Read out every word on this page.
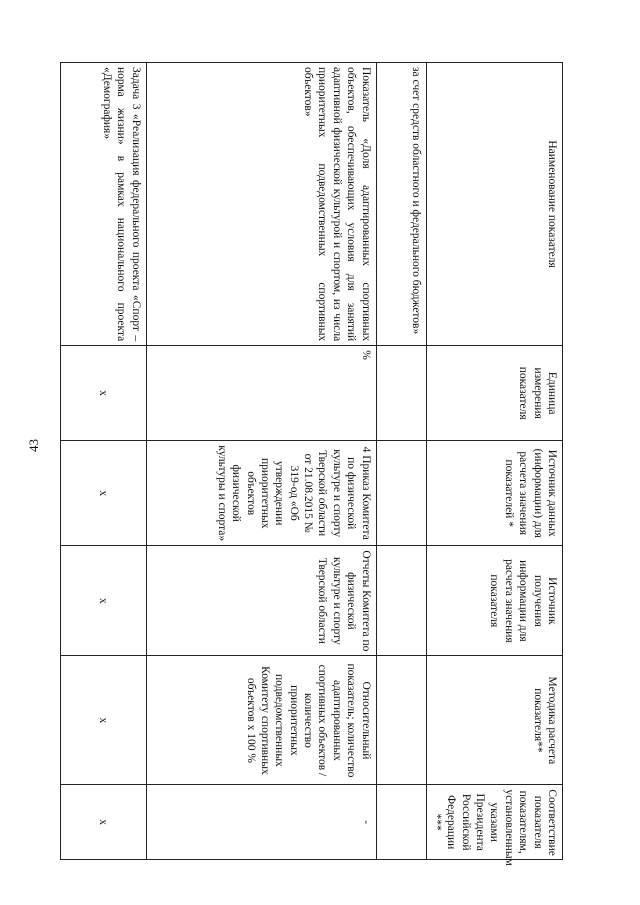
43
Наименование показателя	Единица измерения показателя	Источник данных (информации) для расчета значения показателей *	Источник получения информации для расчета значения показателя	Методика расчета показателя**	Соответствие показателя показателям, установленным указами Президента Российской Федерации ***
за счет средств областного и федерального бюджетов»					
Показатель «Доля адаптированных спортивных объектов, обеспечивающих условия для занятий адаптивной физической культурой и спортом, из числа приоритетных подведомственных спортивных объектов»	%	4 Приказ Комитета по физической культуре и спорту Тверской области от 21.08.2015 № 319-од «Об утверждении приоритетных объектов физической культуры и спорта»	Отчеты Комитета по физической культуре и спорту Тверской области	Относительный показатель; количество адаптированных спортивных объектов / количество приоритетных подведомственных Комитету спортивных объектов х 100 %	-
Задача 3 «Реализация федерального проекта «Спорт – норма жизни» в рамках национального проекта «Демография»	х	х	х	х	х
